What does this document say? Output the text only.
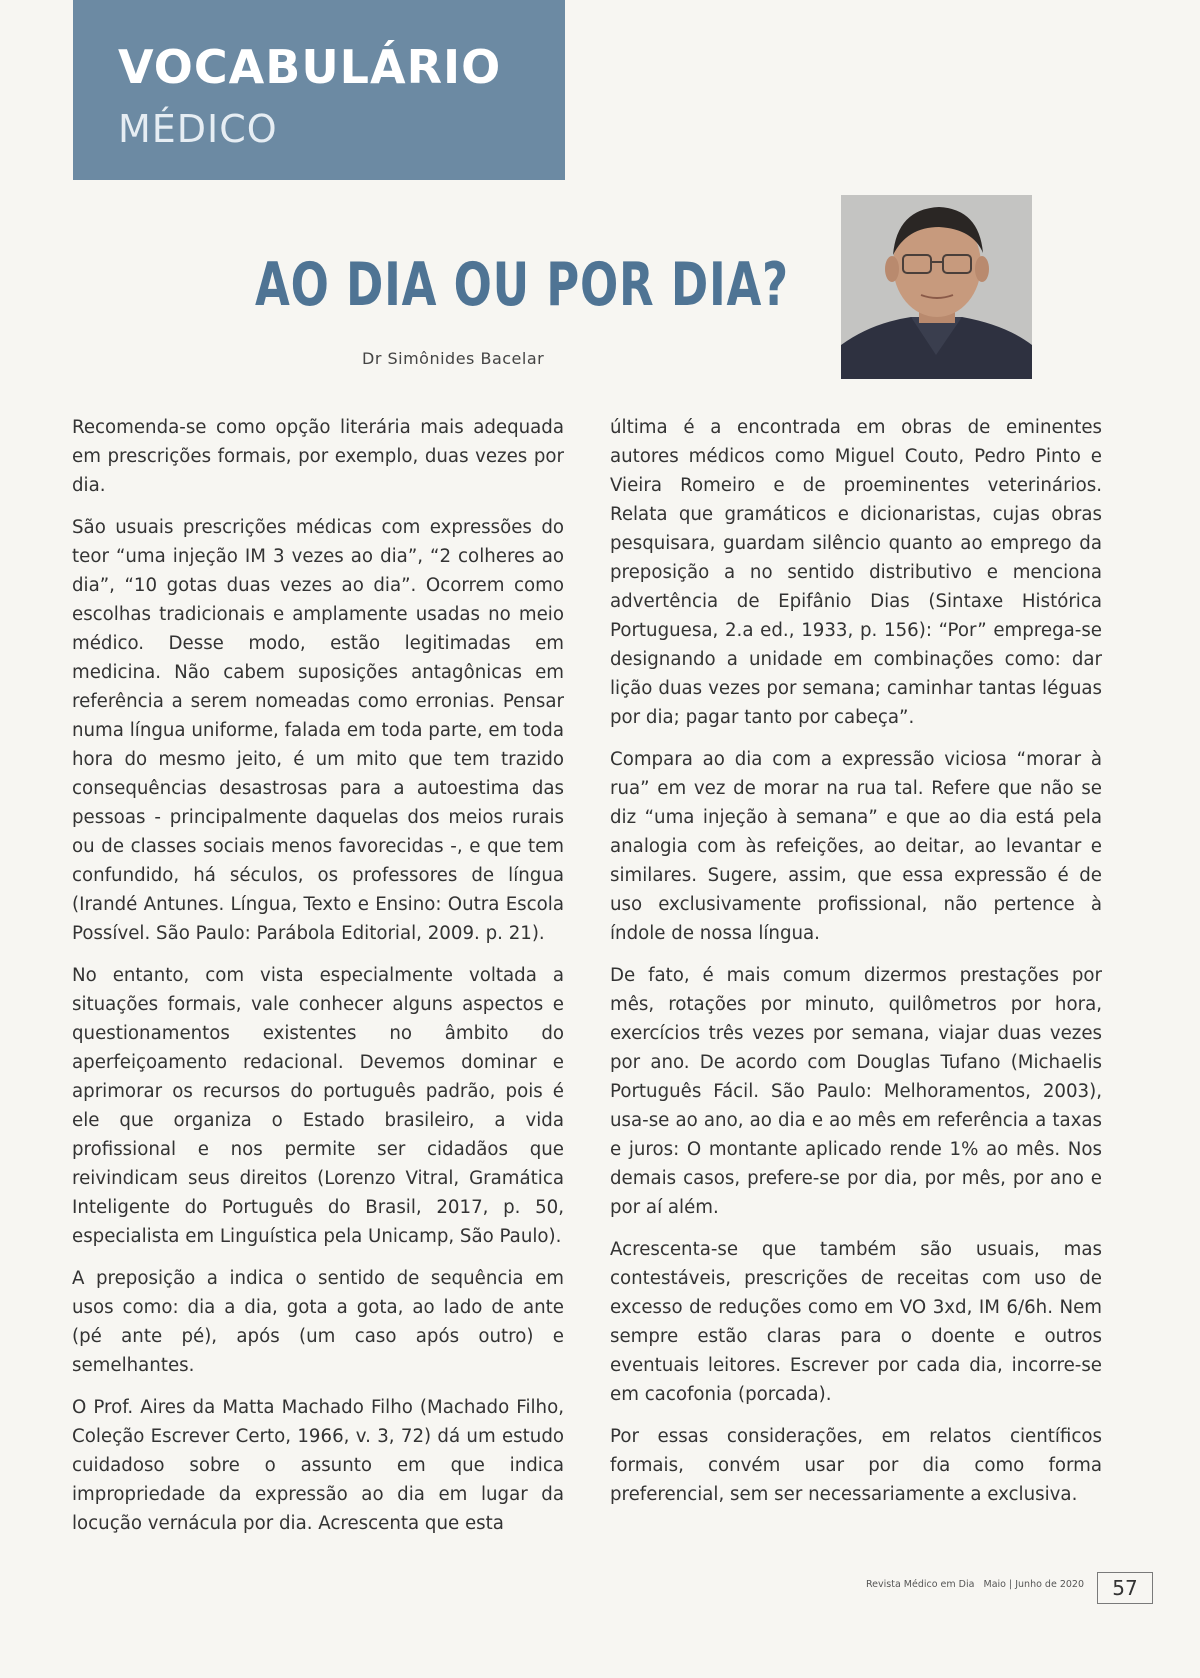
VOCABULÁRIO
MÉDICO
AO DIA OU POR DIA?
Dr Simônides Bacelar

Recomenda-se como opção literária mais adequada em prescrições formais, por exemplo, duas vezes por dia.

São usuais prescrições médicas com expressões do teor “uma injeção IM 3 vezes ao dia”, “2 colheres ao dia”, “10 gotas duas vezes ao dia”. Ocorrem como escolhas tradicionais e amplamente usadas no meio médico. Desse modo, estão legitimadas em medicina. Não cabem suposições antagônicas em referência a serem nomeadas como erronias. Pensar numa língua uniforme, falada em toda parte, em toda hora do mesmo jeito, é um mito que tem trazido consequências desastrosas para a autoestima das pessoas - principalmente daquelas dos meios rurais ou de classes sociais menos favorecidas -, e que tem confundido, há séculos, os professores de língua (Irandé Antunes. Língua, Texto e Ensino: Outra Escola Possível. São Paulo: Parábola Editorial, 2009. p. 21).

No entanto, com vista especialmente voltada a situações formais, vale conhecer alguns aspectos e questionamentos existentes no âmbito do aperfeiçoamento redacional. Devemos dominar e aprimorar os recursos do português padrão, pois é ele que organiza o Estado brasileiro, a vida profissional e nos permite ser cidadãos que reivindicam seus direitos (Lorenzo Vitral, Gramática Inteligente do Português do Brasil, 2017, p. 50, especialista em Linguística pela Unicamp, São Paulo).

A preposição a indica o sentido de sequência em usos como: dia a dia, gota a gota, ao lado de ante (pé ante pé), após (um caso após outro) e semelhantes.

O Prof. Aires da Matta Machado Filho (Machado Filho, Coleção Escrever Certo, 1966, v. 3, 72) dá um estudo cuidadoso sobre o assunto em que indica impropriedade da expressão ao dia em lugar da locução vernácula por dia. Acrescenta que esta

última é a encontrada em obras de eminentes autores médicos como Miguel Couto, Pedro Pinto e Vieira Romeiro e de proeminentes veterinários. Relata que gramáticos e dicionaristas, cujas obras pesquisara, guardam silêncio quanto ao emprego da preposição a no sentido distributivo e menciona advertência de Epifânio Dias (Sintaxe Histórica Portuguesa, 2.a ed., 1933, p. 156): “Por” emprega-se designando a unidade em combinações como: dar lição duas vezes por semana; caminhar tantas léguas por dia; pagar tanto por cabeça”.

Compara ao dia com a expressão viciosa “morar à rua” em vez de morar na rua tal. Refere que não se diz “uma injeção à semana” e que ao dia está pela analogia com às refeições, ao deitar, ao levantar e similares. Sugere, assim, que essa expressão é de uso exclusivamente profissional, não pertence à índole de nossa língua.

De fato, é mais comum dizermos prestações por mês, rotações por minuto, quilômetros por hora, exercícios três vezes por semana, viajar duas vezes por ano. De acordo com Douglas Tufano (Michaelis Português Fácil. São Paulo: Melhoramentos, 2003), usa-se ao ano, ao dia e ao mês em referência a taxas e juros: O montante aplicado rende 1% ao mês. Nos demais casos, prefere-se por dia, por mês, por ano e por aí além.

Acrescenta-se que também são usuais, mas contestáveis, prescrições de receitas com uso de excesso de reduções como em VO 3xd, IM 6/6h. Nem sempre estão claras para o doente e outros eventuais leitores. Escrever por cada dia, incorre-se em cacofonia (porcada).

Por essas considerações, em relatos científicos formais, convém usar por dia como forma preferencial, sem ser necessariamente a exclusiva.

Revista Médico em Dia Maio | Junho de 2020	57
